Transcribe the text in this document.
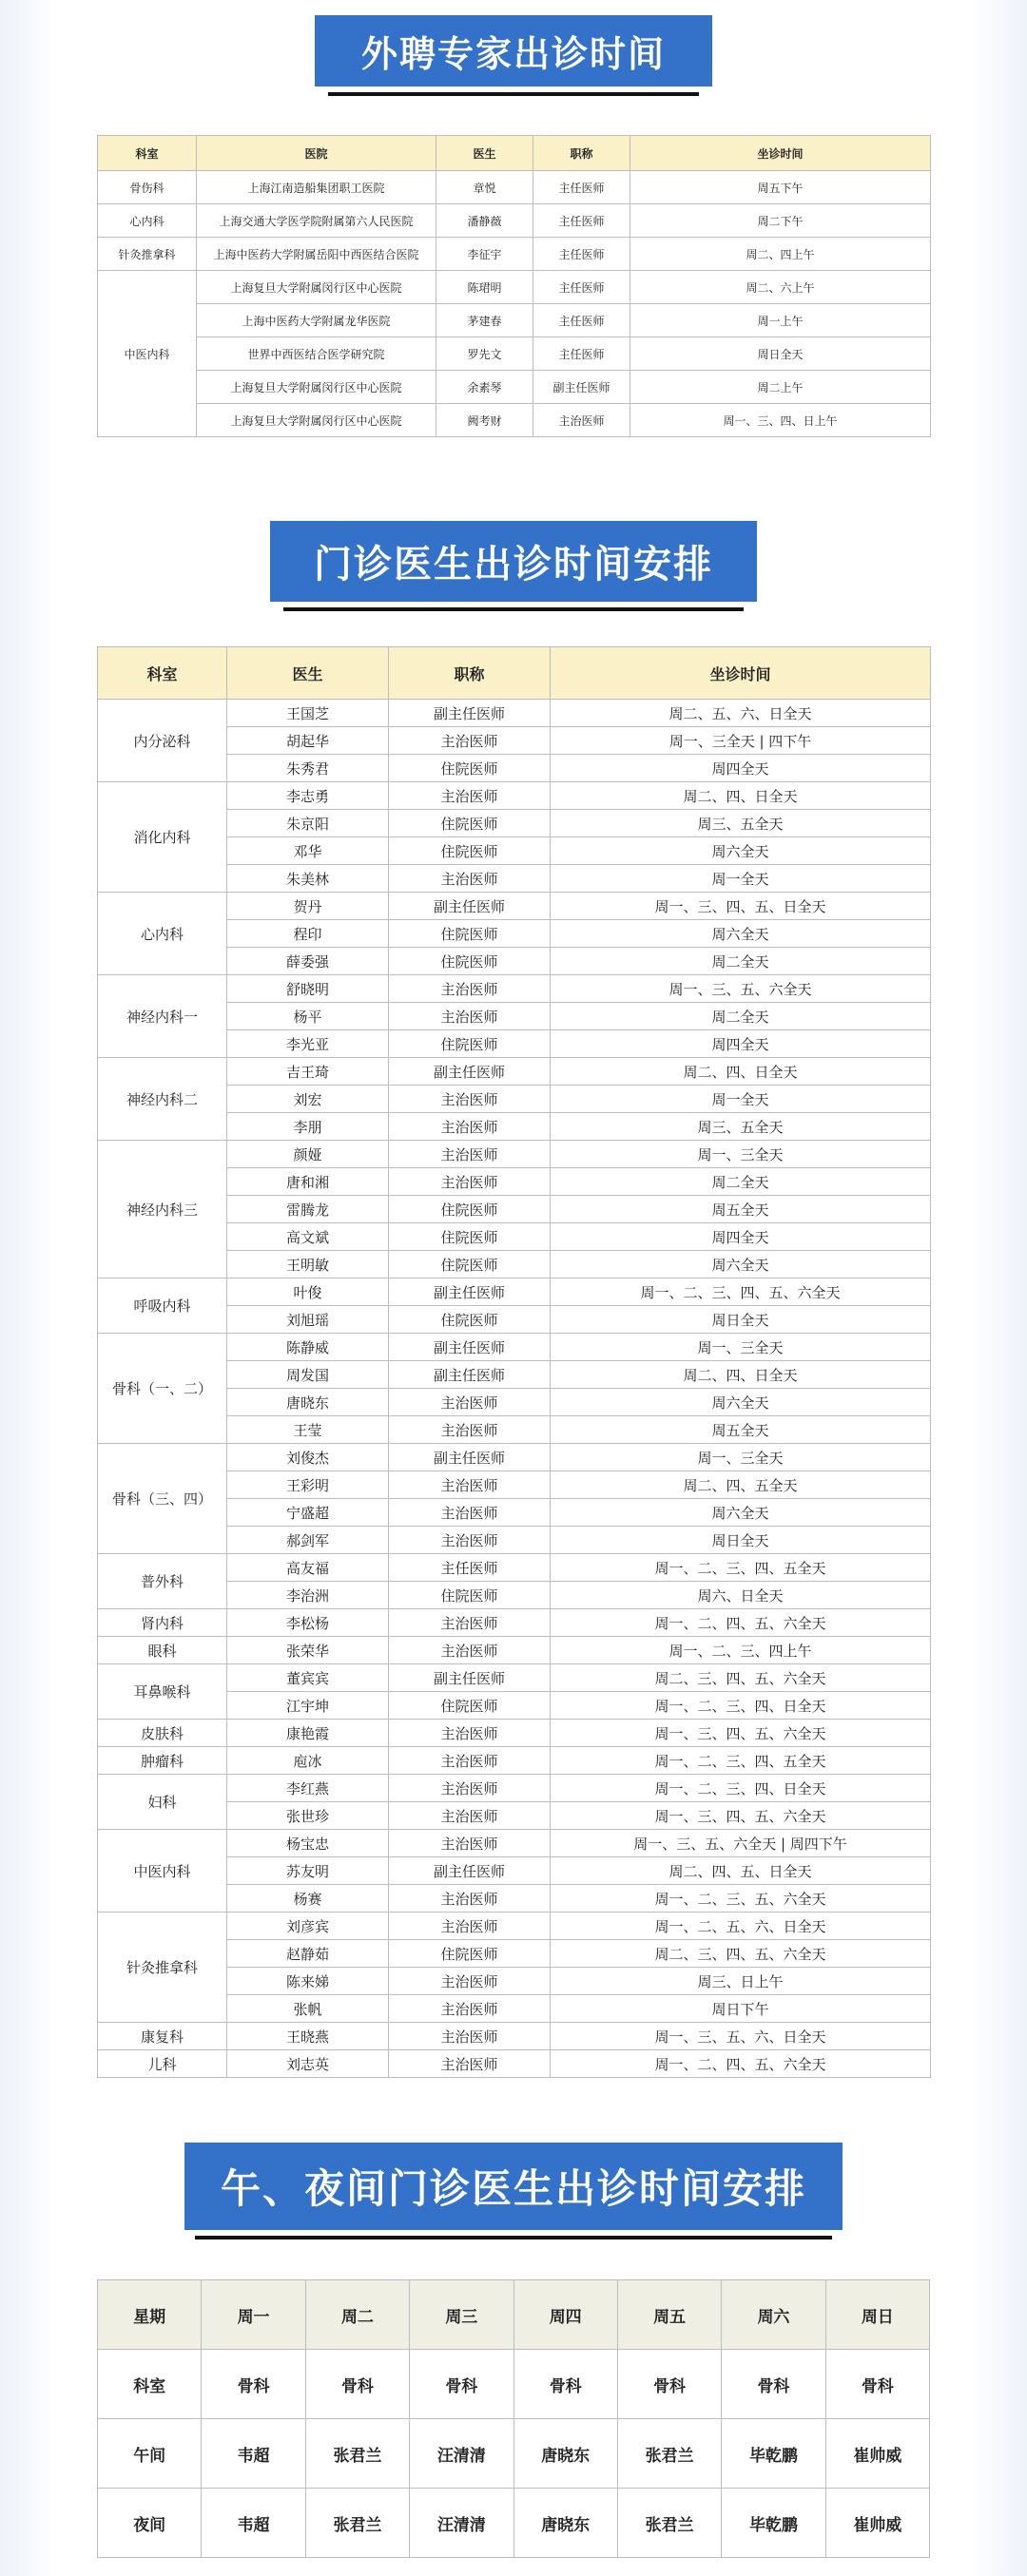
外聘专家出诊时间
科室	医院	医生	职称	坐诊时间
骨伤科	上海江南造船集团职工医院	章悦	主任医师	周五下午
心内科	上海交通大学医学院附属第六人民医院	潘静薇	主任医师	周二下午
针灸推拿科	上海中医药大学附属岳阳中西医结合医院	李征宇	主任医师	周二、四上午
中医内科	上海复旦大学附属闵行区中心医院	陈珺明	主任医师	周二、六上午
	上海中医药大学附属龙华医院	茅建春	主任医师	周一上午
	世界中西医结合医学研究院	罗先文	主任医师	周日全天
	上海复旦大学附属闵行区中心医院	余素琴	副主任医师	周二上午
	上海复旦大学附属闵行区中心医院	阙考财	主治医师	周一、三、四、日上午
门诊医生出诊时间安排
科室	医生	职称	坐诊时间
内分泌科	王国芝	副主任医师	周二、五、六、日全天
	胡起华	主治医师	周一、三全天 | 四下午
	朱秀君	住院医师	周四全天
消化内科	李志勇	主治医师	周二、四、日全天
	朱京阳	住院医师	周三、五全天
	邓华	住院医师	周六全天
	朱美林	主治医师	周一全天
心内科	贺丹	副主任医师	周一、三、四、五、日全天
	程印	住院医师	周六全天
	薛委强	住院医师	周二全天
神经内科一	舒晓明	主治医师	周一、三、五、六全天
	杨平	主治医师	周二全天
	李光亚	住院医师	周四全天
神经内科二	吉王琦	副主任医师	周二、四、日全天
	刘宏	主治医师	周一全天
	李朋	主治医师	周三、五全天
神经内科三	颜娅	主治医师	周一、三全天
	唐和湘	主治医师	周二全天
	雷腾龙	住院医师	周五全天
	高文斌	住院医师	周四全天
	王明敏	住院医师	周六全天
呼吸内科	叶俊	副主任医师	周一、二、三、四、五、六全天
	刘旭瑶	住院医师	周日全天
骨科（一、二）	陈静威	副主任医师	周一、三全天
	周发国	副主任医师	周二、四、日全天
	唐晓东	主治医师	周六全天
	王莹	主治医师	周五全天
骨科（三、四）	刘俊杰	副主任医师	周一、三全天
	王彩明	主治医师	周二、四、五全天
	宁盛超	主治医师	周六全天
	郝剑军	主治医师	周日全天
普外科	高友福	主任医师	周一、二、三、四、五全天
	李治洲	住院医师	周六、日全天
肾内科	李松杨	主治医师	周一、二、四、五、六全天
眼科	张荣华	主治医师	周一、二、三、四上午
耳鼻喉科	董宾宾	副主任医师	周二、三、四、五、六全天
	江宇坤	住院医师	周一、二、三、四、日全天
皮肤科	康艳霞	主治医师	周一、三、四、五、六全天
肿瘤科	庖冰	主治医师	周一、二、三、四、五全天
妇科	李红燕	主治医师	周一、二、三、四、日全天
	张世珍	主治医师	周一、三、四、五、六全天
中医内科	杨宝忠	主治医师	周一、三、五、六全天 | 周四下午
	苏友明	副主任医师	周二、四、五、日全天
	杨赛	主治医师	周一、二、三、五、六全天
针灸推拿科	刘彦宾	主治医师	周一、二、五、六、日全天
	赵静茹	住院医师	周二、三、四、五、六全天
	陈来娣	主治医师	周三、日上午
	张帆	主治医师	周日下午
康复科	王晓燕	主治医师	周一、三、五、六、日全天
儿科	刘志英	主治医师	周一、二、四、五、六全天
午、夜间门诊医生出诊时间安排
星期	周一	周二	周三	周四	周五	周六	周日
科室	骨科	骨科	骨科	骨科	骨科	骨科	骨科
午间	韦超	张君兰	汪清清	唐晓东	张君兰	毕乾鹏	崔帅威
夜间	韦超	张君兰	汪清清	唐晓东	张君兰	毕乾鹏	崔帅威
